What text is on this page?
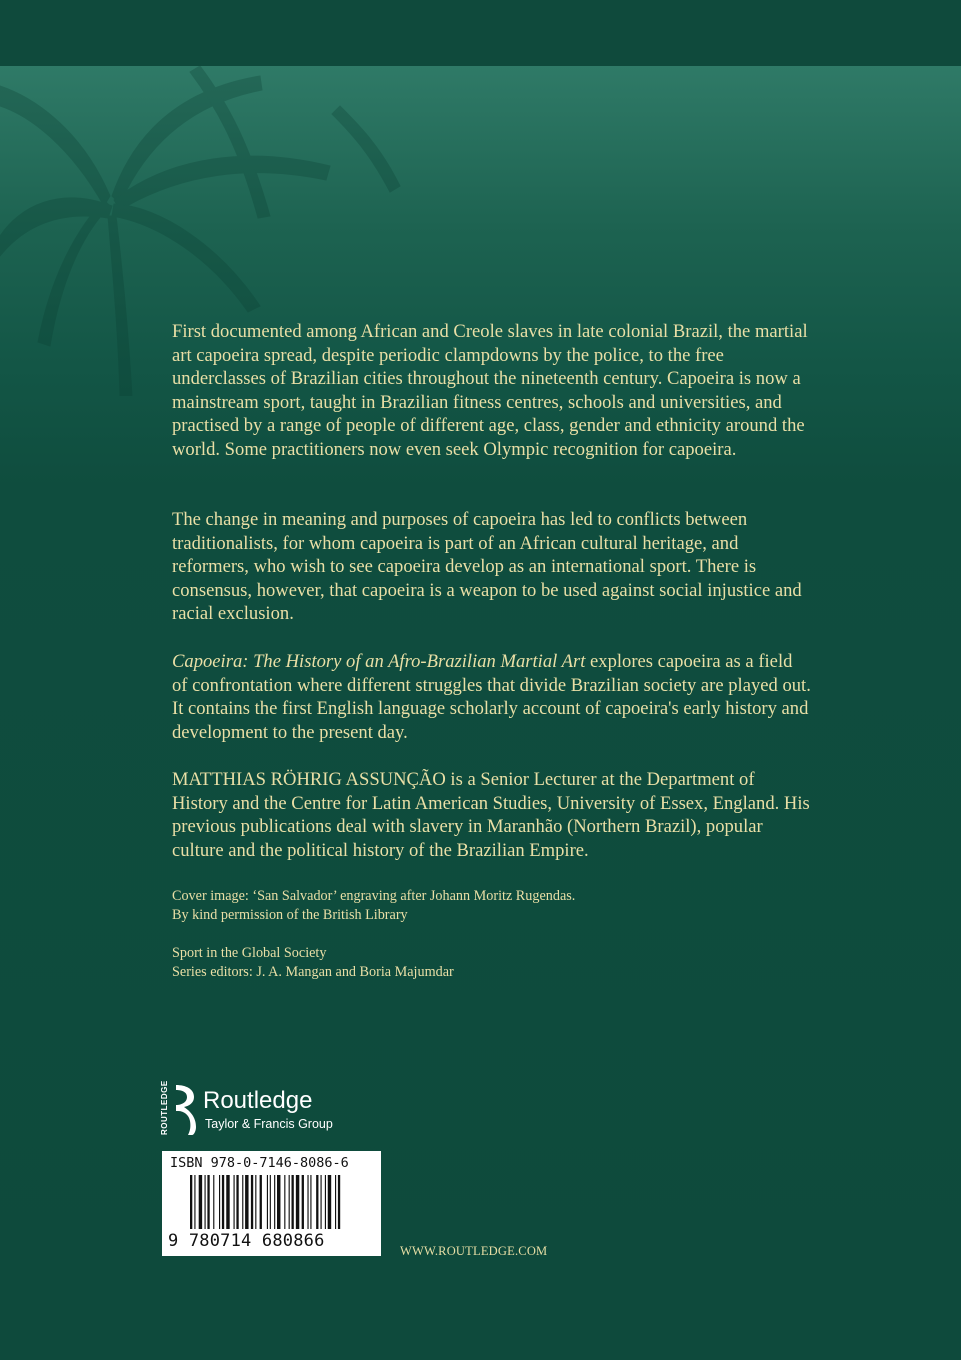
First documented among African and Creole slaves in late colonial Brazil, the martial art capoeira spread, despite periodic clampdowns by the police, to the free underclasses of Brazilian cities throughout the nineteenth century. Capoeira is now a mainstream sport, taught in Brazilian fitness centres, schools and universities, and practised by a range of people of different age, class, gender and ethnicity around the world. Some practitioners now even seek Olympic recognition for capoeira.

The change in meaning and purposes of capoeira has led to conflicts between traditionalists, for whom capoeira is part of an African cultural heritage, and reformers, who wish to see capoeira develop as an international sport. There is consensus, however, that capoeira is a weapon to be used against social injustice and racial exclusion.

Capoeira: The History of an Afro-Brazilian Martial Art explores capoeira as a field of confrontation where different struggles that divide Brazilian society are played out. It contains the first English language scholarly account of capoeira's early history and development to the present day.

MATTHIAS RÖHRIG ASSUNÇÃO is a Senior Lecturer at the Department of History and the Centre for Latin American Studies, University of Essex, England. His previous publications deal with slavery in Maranhão (Northern Brazil), popular culture and the political history of the Brazilian Empire.

Cover image: ‘San Salvador’ engraving after Johann Moritz Rugendas.
By kind permission of the British Library
Sport in the Global Society
Series editors: J. A. Mangan and Boria Majumdar
ROUTLEDGE Routledge
Taylor & Francis Group
ISBN 978-0-7146-8086-6
9 780714 680866	WWW.ROUTLEDGE.COM
